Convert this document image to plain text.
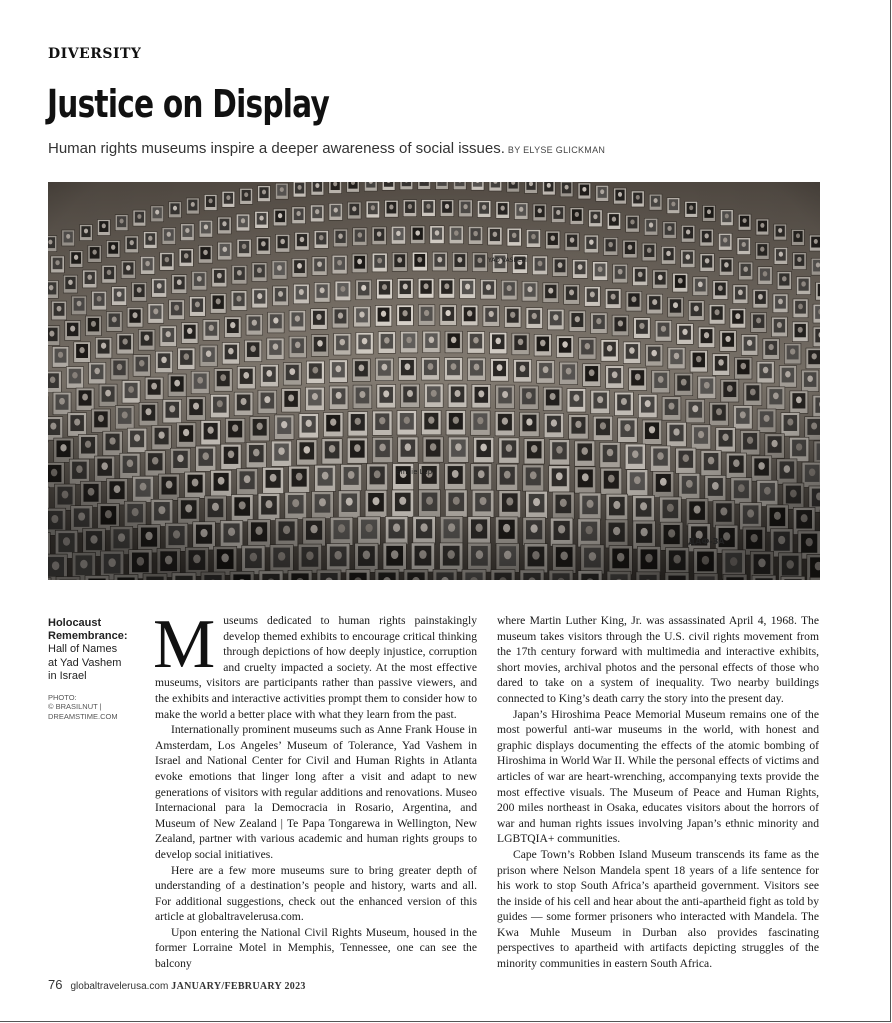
DIVERSITY
Justice on Display
Human rights museums inspire a deeper awareness of social issues. BY ELYSE GLICKMAN
YAD VASHEM
Emilie Lap
ДАФ-ЗА
Holocaust Remembrance:
Hall of Names at Yad Vashem in Israel
PHOTO:
© BRASILNUT |
DREAMSTIME.COM

Museums dedicated to human rights painstakingly develop themed exhibits to encourage critical thinking through depictions of how deeply injustice, corruption and cruelty impacted a society. At the most effective museums, visitors are participants rather than passive viewers, and the exhibits and interactive activities prompt them to consider how to make the world a better place with what they learn from the past.

Internationally prominent museums such as Anne Frank House in Amsterdam, Los Angeles’ Museum of Tolerance, Yad Vashem in Israel and National Center for Civil and Human Rights in Atlanta evoke emotions that linger long after a visit and adapt to new generations of visitors with regular additions and renovations. Museo Internacional para la Democracia in Rosario, Argentina, and Museum of New Zealand | Te Papa Tongarewa in Wellington, New Zealand, partner with various academic and human rights groups to develop social initiatives.

Here are a few more museums sure to bring greater depth of understanding of a destination’s people and history, warts and all. For additional suggestions, check out the enhanced version of this article at globaltravelerusa.com.

Upon entering the National Civil Rights Museum, housed in the former Lorraine Motel in Memphis, Tennessee, one can see the balcony

where Martin Luther King, Jr. was assassinated April 4, 1968. The museum takes visitors through the U.S. civil rights movement from the 17th century forward with multimedia and interactive exhibits, short movies, archival photos and the personal effects of those who dared to take on a system of inequality. Two nearby buildings connected to King’s death carry the story into the present day.

Japan’s Hiroshima Peace Memorial Museum remains one of the most powerful anti-war museums in the world, with honest and graphic displays documenting the effects of the atomic bombing of Hiroshima in World War II. While the personal effects of victims and articles of war are heart-wrenching, accompanying texts provide the most effective visuals. The Museum of Peace and Human Rights, 200 miles northeast in Osaka, educates visitors about the horrors of war and human rights issues involving Japan’s ethnic minority and LGBTQIA+ communities.

Cape Town’s Robben Island Museum transcends its fame as the prison where Nelson Mandela spent 18 years of a life sentence for his work to stop South Africa’s apartheid government. Visitors see the inside of his cell and hear about the anti-apartheid fight as told by guides — some former prisoners who interacted with Mandela. The Kwa Muhle Museum in Durban also provides fascinating perspectives to apartheid with artifacts depicting struggles of the minority communities in eastern South Africa.

76 globaltravelerusa.com JANUARY/FEBRUARY 2023
